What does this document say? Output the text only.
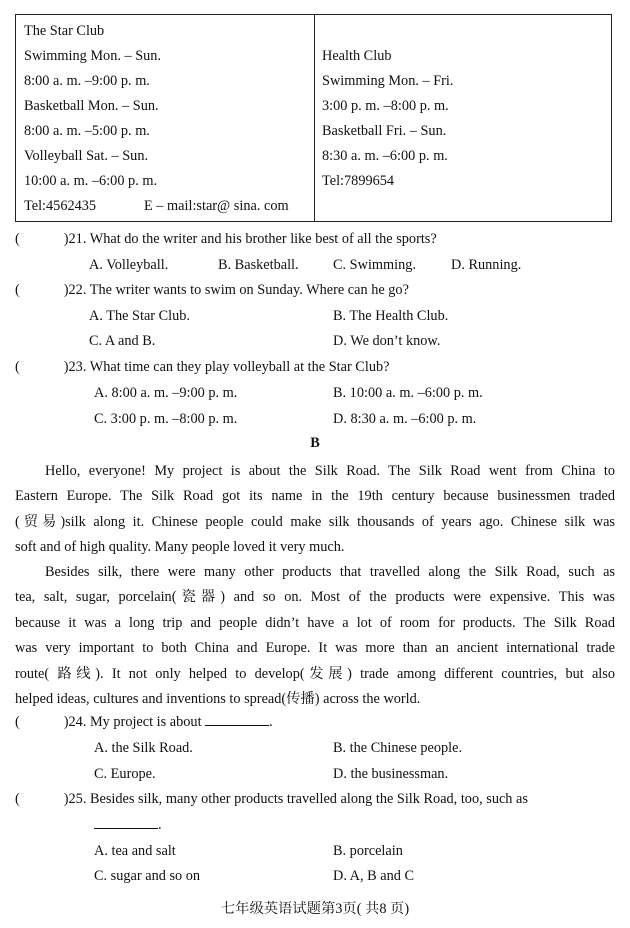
The Star Club
Swimming Mon. – Sun.
8:00 a. m. –9:00 p. m.
Basketball Mon. – Sun.
8:00 a. m. –5:00 p. m.
Volleyball Sat. – Sun.
10:00 a. m. –6:00 p. m.
Tel:4562435	E – mail:star@ sina. com
Health Club
Swimming Mon. – Fri.
3:00 p. m. –8:00 p. m.
Basketball Fri. – Sun.
8:30 a. m. –6:00 p. m.
Tel:7899654
(	)21. What do the writer and his brother like best of all the sports?
A. Volleyball.	B. Basketball. C. Swimming. D. Running.
(	)22. The writer wants to swim on Sunday. Where can he go?
A. The Star Club.	B. The Health Club.
C. A and B.	D. We don’t know.
(	)23. What time can they play volleyball at the Star Club?
A. 8:00 a. m. –9:00 p. m.	B. 10:00 a. m. –6:00 p. m.
C. 3:00 p. m. –8:00 p. m.	D. 8:30 a. m. –6:00 p. m.
B
Hello, everyone! My project is about the Silk Road. The Silk Road went from China to
Eastern Europe. The Silk Road got its name in the 19th century because businessmen traded
(贸易)silk along it. Chinese people could make silk thousands of years ago. Chinese silk was
soft and of high quality. Many people loved it very much.
Besides silk, there were many other products that travelled along the Silk Road, such as
tea, salt, sugar, porcelain(瓷器) and so on. Most of the products were expensive. This was
because it was a long trip and people didn’t have a lot of room for products. The Silk Road
was very important to both China and Europe. It was more than an ancient international trade
route( 路线). It not only helped to develop(发展) trade among different countries, but also
helped ideas, cultures and inventions to spread(传播) across the world.
(	)24. My project is about	.
A. the Silk Road.	B. the Chinese people.
C. Europe.	D. the businessman.
(	)25. Besides silk, many other products travelled along the Silk Road, too, such as
.
A. tea and salt	B. porcelain
C. sugar and so on	D. A, B and C
七年级英语试题第3页( 共8 页)
